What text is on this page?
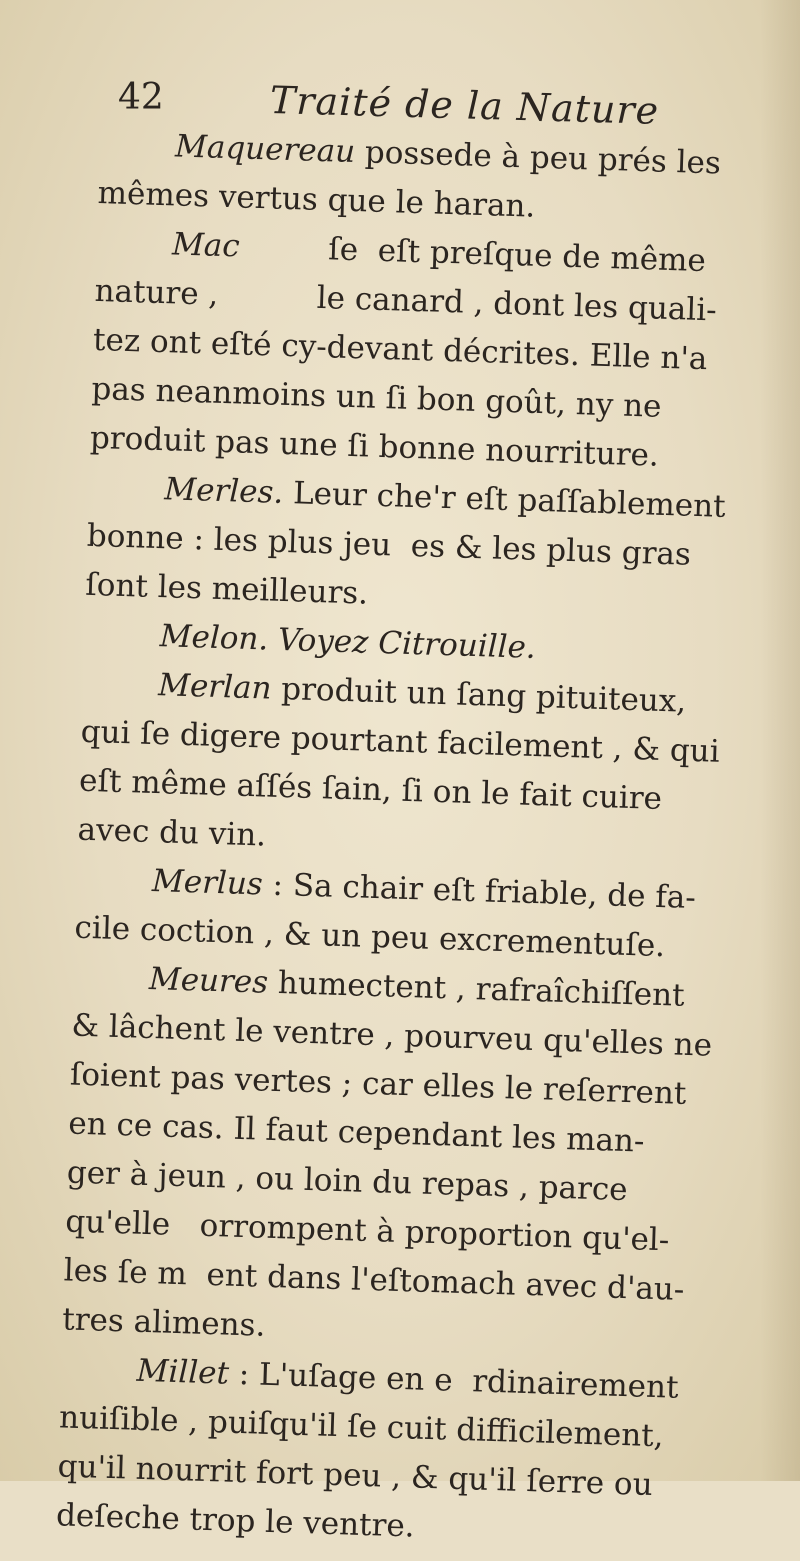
42	Traité de la Nature
Maquereau possede à peu prés les
mêmes vertus que le haran.
Mac         ſe  eſt preſque de même
nature ,          le canard , dont les quali-
tez ont eſté cy-devant décrites. Elle n'a
pas neanmoins un ſi bon goût, ny ne
produit pas une ſi bonne nourriture.
Merles. Leur che'r eſt paſſablement
bonne : les plus jeu  es & les plus gras
ſont les meilleurs.
Melon. Voyez Citrouille.
Merlan produit un ſang pituiteux,
qui ſe digere pourtant facilement , & qui
eſt même aſſés ſain, ſi on le fait cuire
avec du vin.
Merlus : Sa chair eſt friable, de fa-
cile coction , & un peu excrementuſe.
Meures humectent , rafraîchiſſent
& lâchent le ventre , pourveu qu'elles ne
ſoient pas vertes ; car elles le reſerrent
en ce cas. Il faut cependant les man-
ger à jeun , ou loin du repas , parce
qu'elle   orrompent à proportion qu'el-
les ſe m  ent dans l'eſtomach avec d'au-
tres alimens.
Millet : L'uſage en e  rdinairement
nuiſible , puiſqu'il ſe cuit difficilement,
qu'il nourrit fort peu , & qu'il ſerre ou
deſeche trop le ventre.
